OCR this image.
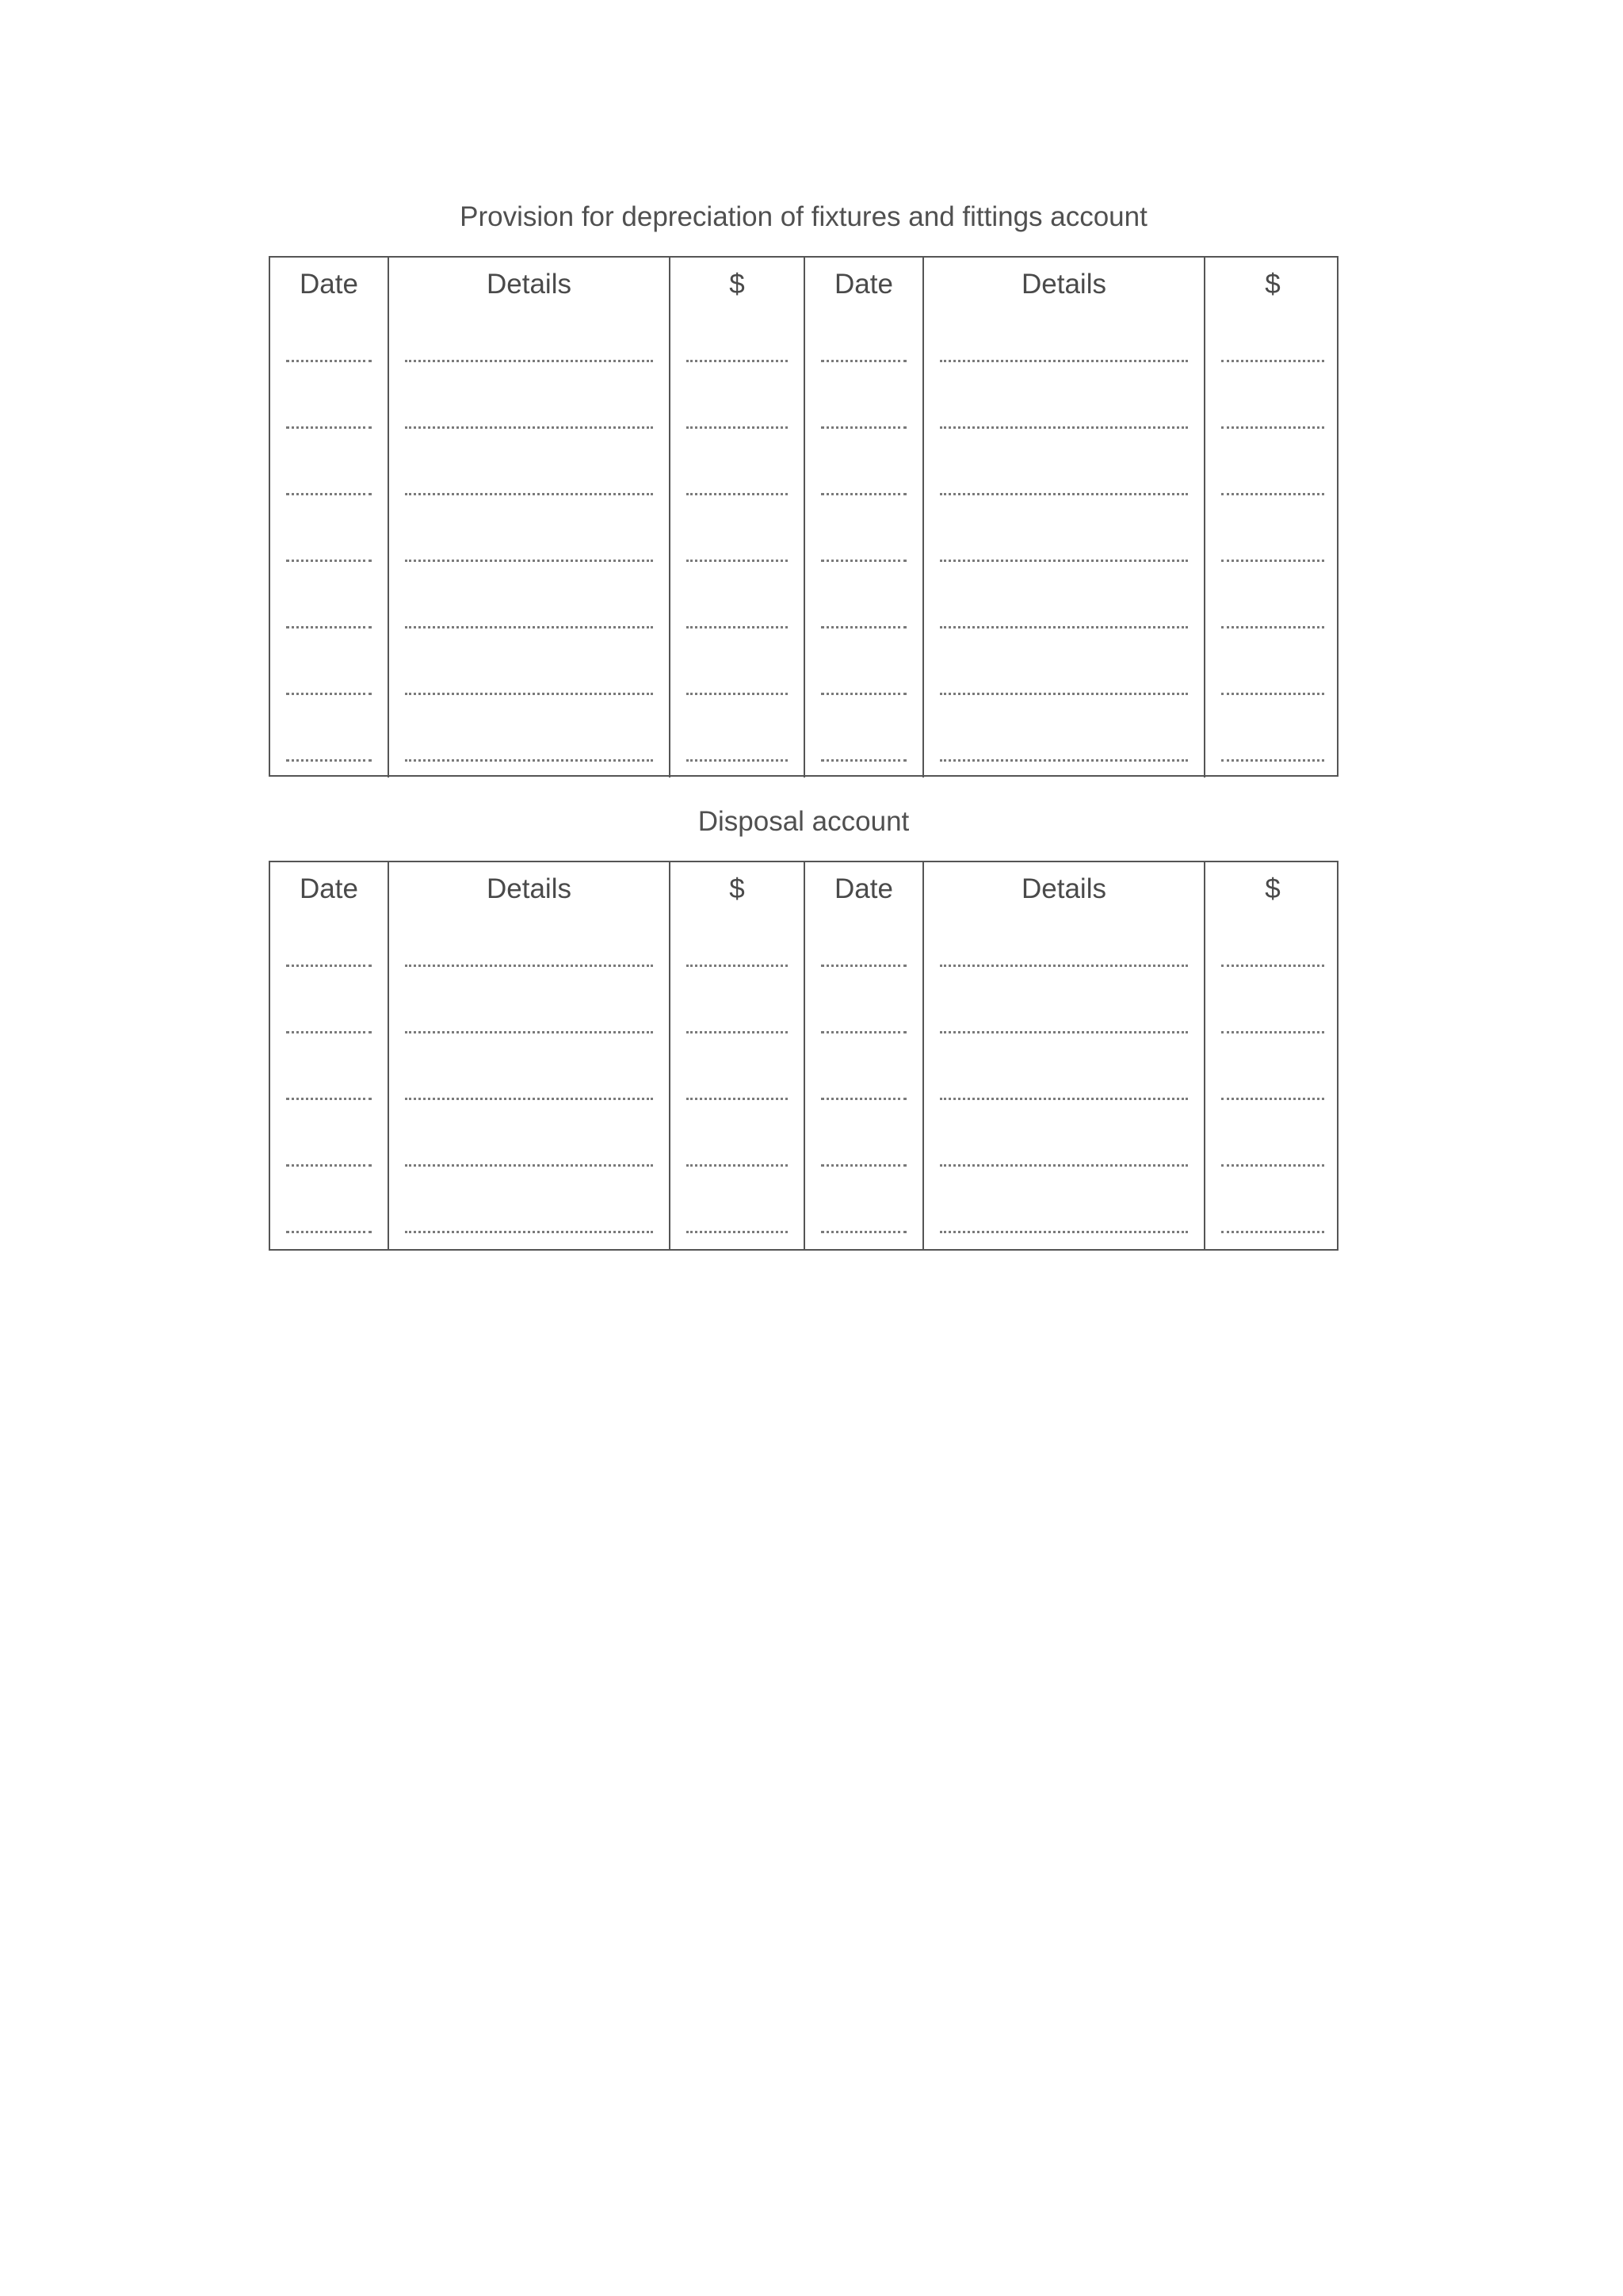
Provision for depreciation of fixtures and fittings account
Date	Details	$	Date	Details	$
Disposal account
Date	Details	$	Date	Details	$
